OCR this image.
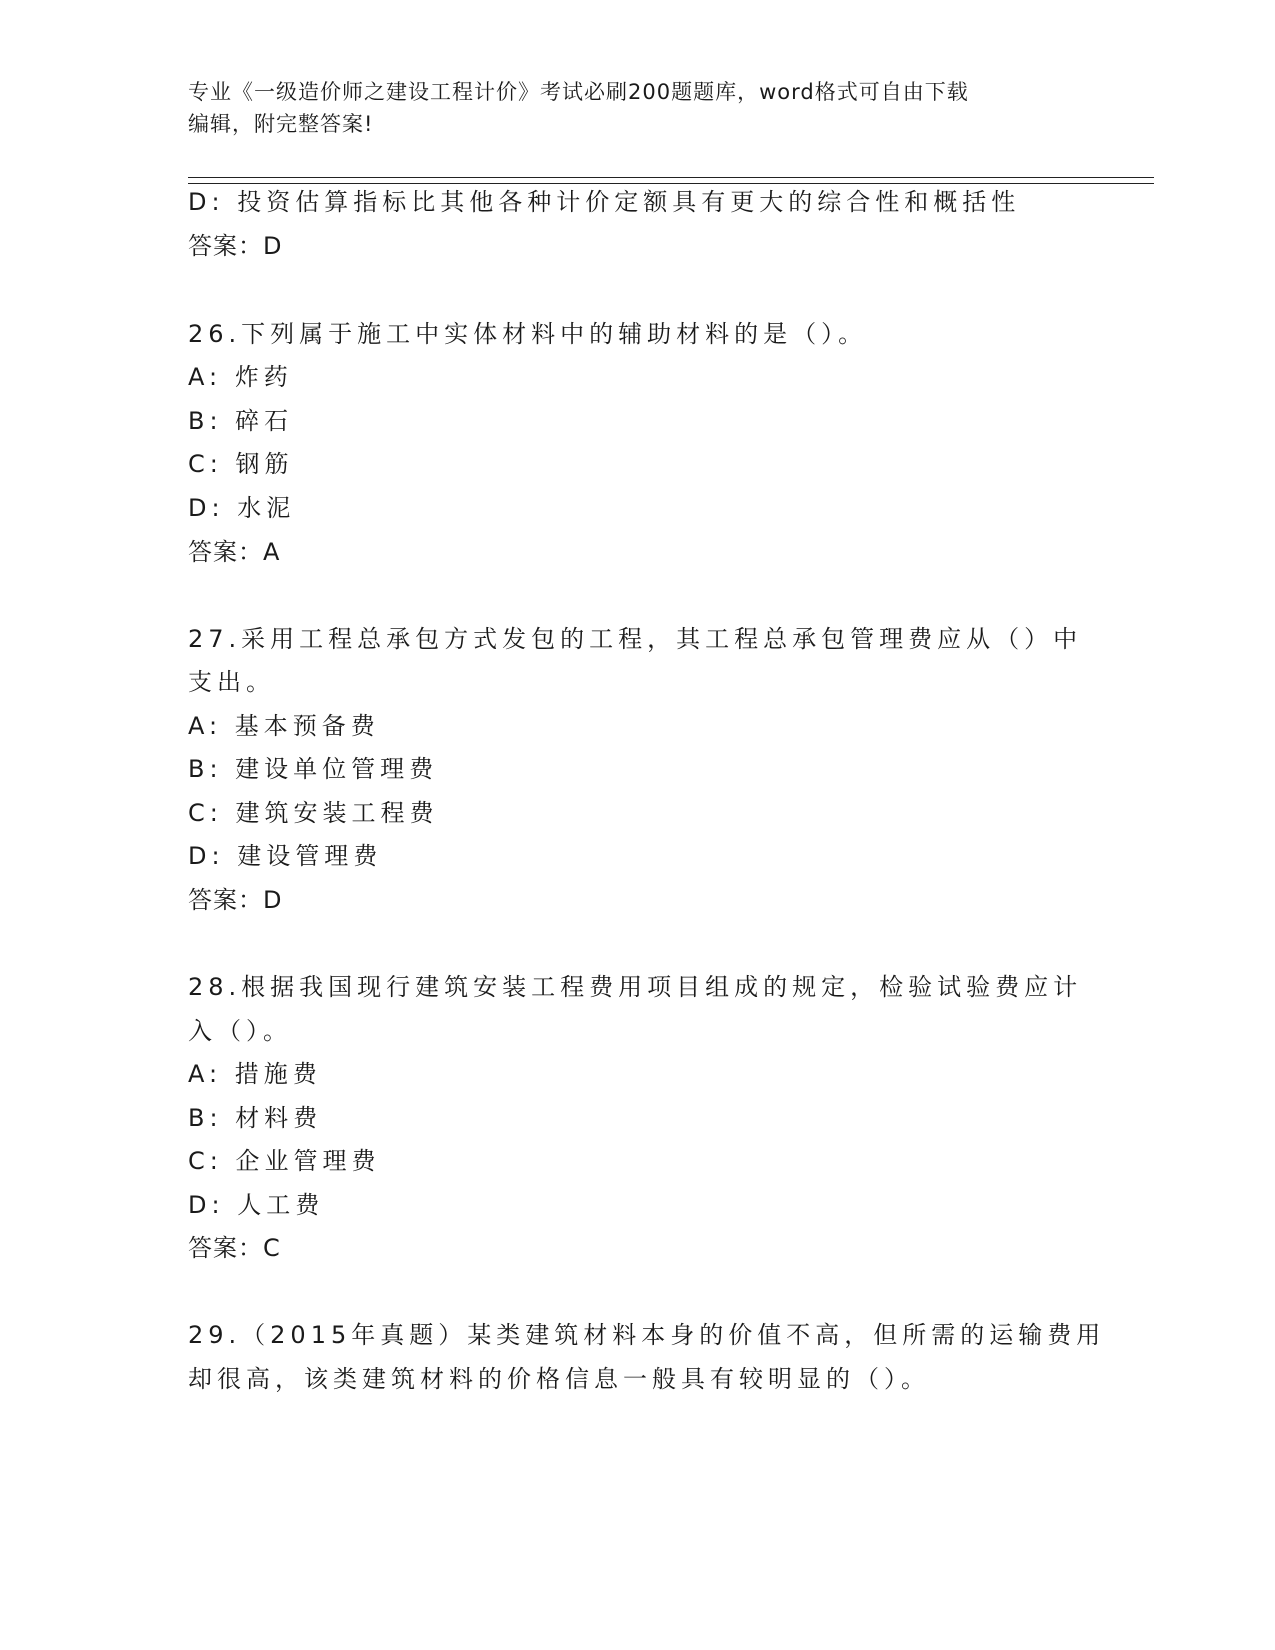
专业《一级造价师之建设工程计价》考试必刷200题题库，word格式可自由下载
编辑，附完整答案!
D: 投资估算指标比其他各种计价定额具有更大的综合性和概括性
答案：D
26.下列属于施工中实体材料中的辅助材料的是（）。
A: 炸药
B: 碎石
C: 钢筋
D: 水泥
答案：A
27.采用工程总承包方式发包的工程，其工程总承包管理费应从（）中
支出。
A: 基本预备费
B: 建设单位管理费
C: 建筑安装工程费
D: 建设管理费
答案：D
28.根据我国现行建筑安装工程费用项目组成的规定，检验试验费应计
入（）。
A: 措施费
B: 材料费
C: 企业管理费
D: 人工费
答案：C
29.（2015年真题）某类建筑材料本身的价值不高，但所需的运输费用
却很高，该类建筑材料的价格信息一般具有较明显的（）。
